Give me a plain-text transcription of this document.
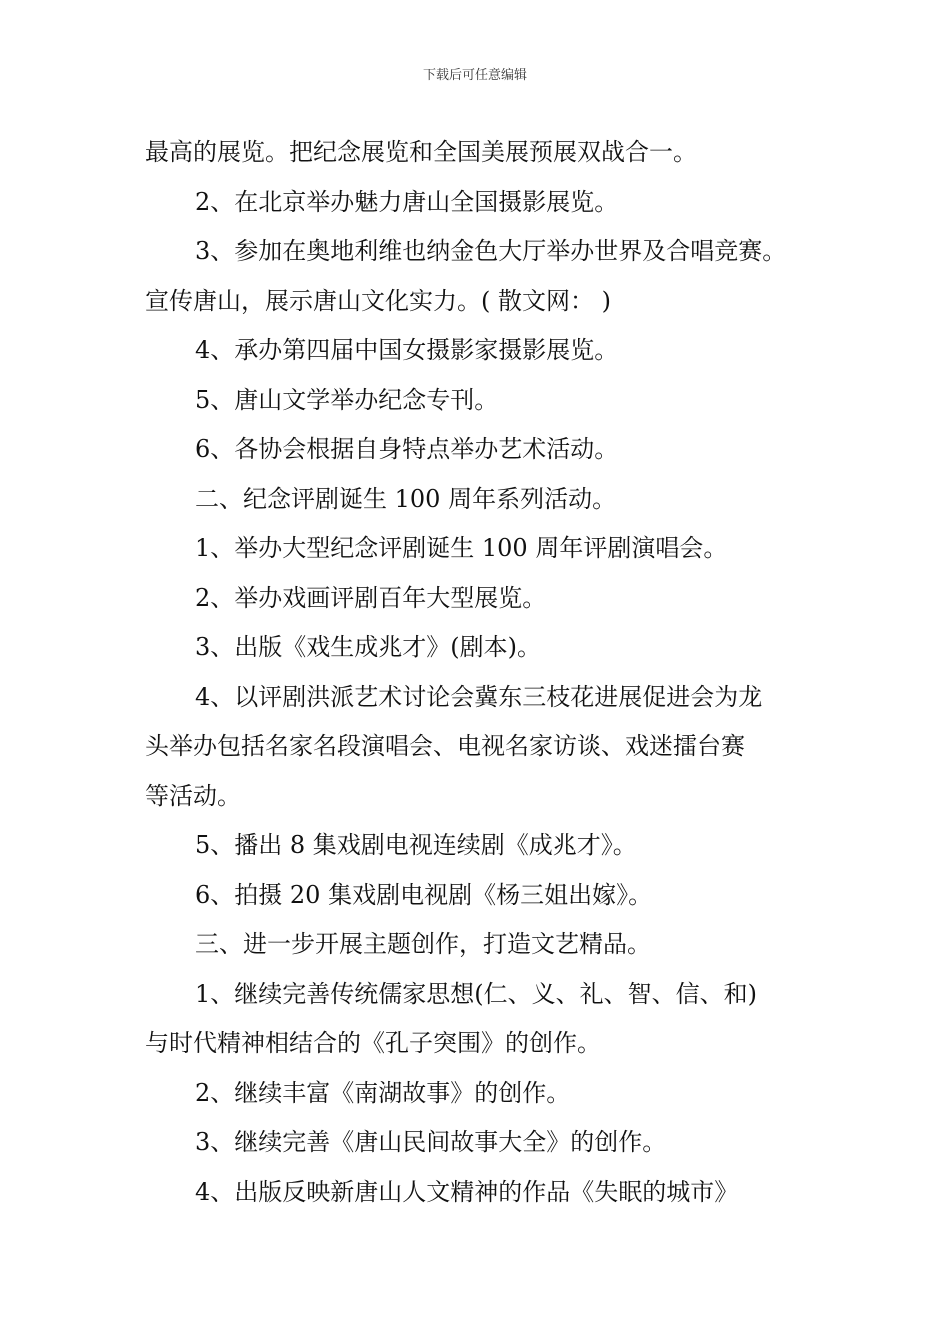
下载后可任意编辑

最高的展览。把纪念展览和全国美展预展双战合一。

2、在北京举办魅力唐山全国摄影展览。

3、参加在奥地利维也纳金色大厅举办世界及合唱竞赛。

宣传唐山，展示唐山文化实力。( 散文网： )

4、承办第四届中国女摄影家摄影展览。

5、唐山文学举办纪念专刊。

6、各协会根据自身特点举办艺术活动。

二、纪念评剧诞生 100 周年系列活动。

1、举办大型纪念评剧诞生 100 周年评剧演唱会。

2、举办戏画评剧百年大型展览。

3、出版《戏生成兆才》(剧本)。

4、以评剧洪派艺术讨论会冀东三枝花进展促进会为龙

头举办包括名家名段演唱会、电视名家访谈、戏迷擂台赛

等活动。

5、播出 8 集戏剧电视连续剧《成兆才》。

6、拍摄 20 集戏剧电视剧《杨三姐出嫁》。

三、进一步开展主题创作，打造文艺精品。

1、继续完善传统儒家思想(仁、义、礼、智、信、和)

与时代精神相结合的《孔子突围》的创作。

2、继续丰富《南湖故事》的创作。

3、继续完善《唐山民间故事大全》的创作。

4、出版反映新唐山人文精神的作品《失眠的城市》
